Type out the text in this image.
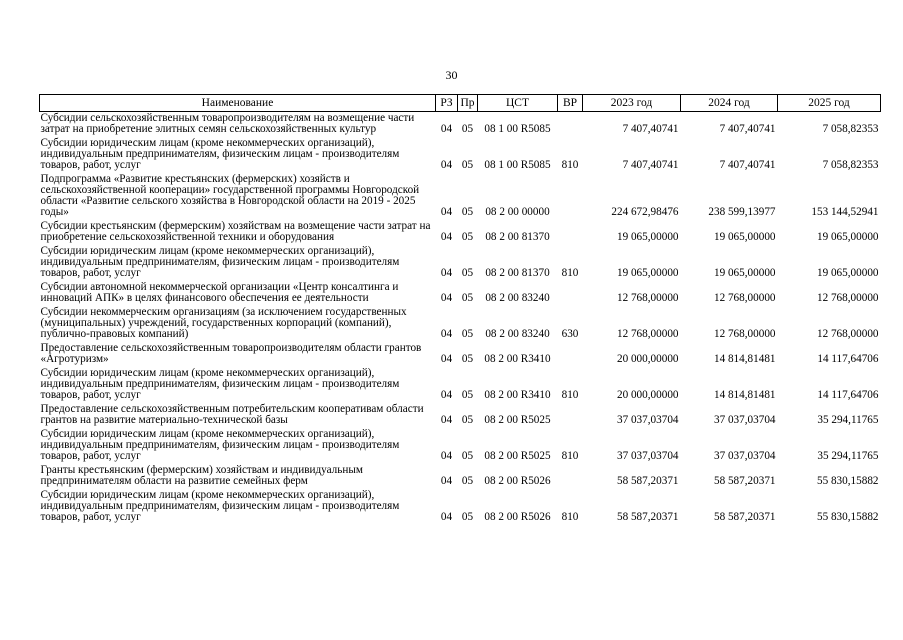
30
Наименование	РЗ	Пр	ЦСТ	ВР	2023 год	2024 год	2025 год
Субсидии сельскохозяйственным товаропроизводителям на возмещение части затрат на приобретение элитных семян сельскохозяйственных культур	04	05	08 1 00 R5085		7 407,40741	7 407,40741	7 058,82353
Субсидии юридическим лицам (кроме некоммерческих организаций), индивидуальным предпринимателям, физическим лицам - производителям товаров, работ, услуг	04	05	08 1 00 R5085	810	7 407,40741	7 407,40741	7 058,82353
Подпрограмма «Развитие крестьянских (фермерских) хозяйств и сельскохозяйственной кооперации» государственной программы Новгородской области «Развитие сельского хозяйства в Новгородской области на 2019 - 2025 годы»	04	05	08 2 00 00000		224 672,98476	238 599,13977	153 144,52941
Субсидии крестьянским (фермерским) хозяйствам на возмещение части затрат на приобретение сельскохозяйственной техники и оборудования	04	05	08 2 00 81370		19 065,00000	19 065,00000	19 065,00000
Субсидии юридическим лицам (кроме некоммерческих организаций), индивидуальным предпринимателям, физическим лицам - производителям товаров, работ, услуг	04	05	08 2 00 81370	810	19 065,00000	19 065,00000	19 065,00000
Субсидии автономной некоммерческой организации «Центр консалтинга и инноваций АПК» в целях финансового обеспечения ее деятельности	04	05	08 2 00 83240		12 768,00000	12 768,00000	12 768,00000
Субсидии некоммерческим организациям (за исключением государственных (муниципальных) учреждений, государственных корпораций (компаний), публично-правовых компаний)	04	05	08 2 00 83240	630	12 768,00000	12 768,00000	12 768,00000
Предоставление сельскохозяйственным товаропроизводителям области грантов «Агротуризм»	04	05	08 2 00 R3410		20 000,00000	14 814,81481	14 117,64706
Субсидии юридическим лицам (кроме некоммерческих организаций), индивидуальным предпринимателям, физическим лицам - производителям товаров, работ, услуг	04	05	08 2 00 R3410	810	20 000,00000	14 814,81481	14 117,64706
Предоставление сельскохозяйственным потребительским кооперативам области грантов на развитие материально-технической базы	04	05	08 2 00 R5025		37 037,03704	37 037,03704	35 294,11765
Субсидии юридическим лицам (кроме некоммерческих организаций), индивидуальным предпринимателям, физическим лицам - производителям товаров, работ, услуг	04	05	08 2 00 R5025	810	37 037,03704	37 037,03704	35 294,11765
Гранты крестьянским (фермерским) хозяйствам и индивидуальным предпринимателям области на развитие семейных ферм	04	05	08 2 00 R5026		58 587,20371	58 587,20371	55 830,15882
Субсидии юридическим лицам (кроме некоммерческих организаций), индивидуальным предпринимателям, физическим лицам - производителям товаров, работ, услуг	04	05	08 2 00 R5026	810	58 587,20371	58 587,20371	55 830,15882
